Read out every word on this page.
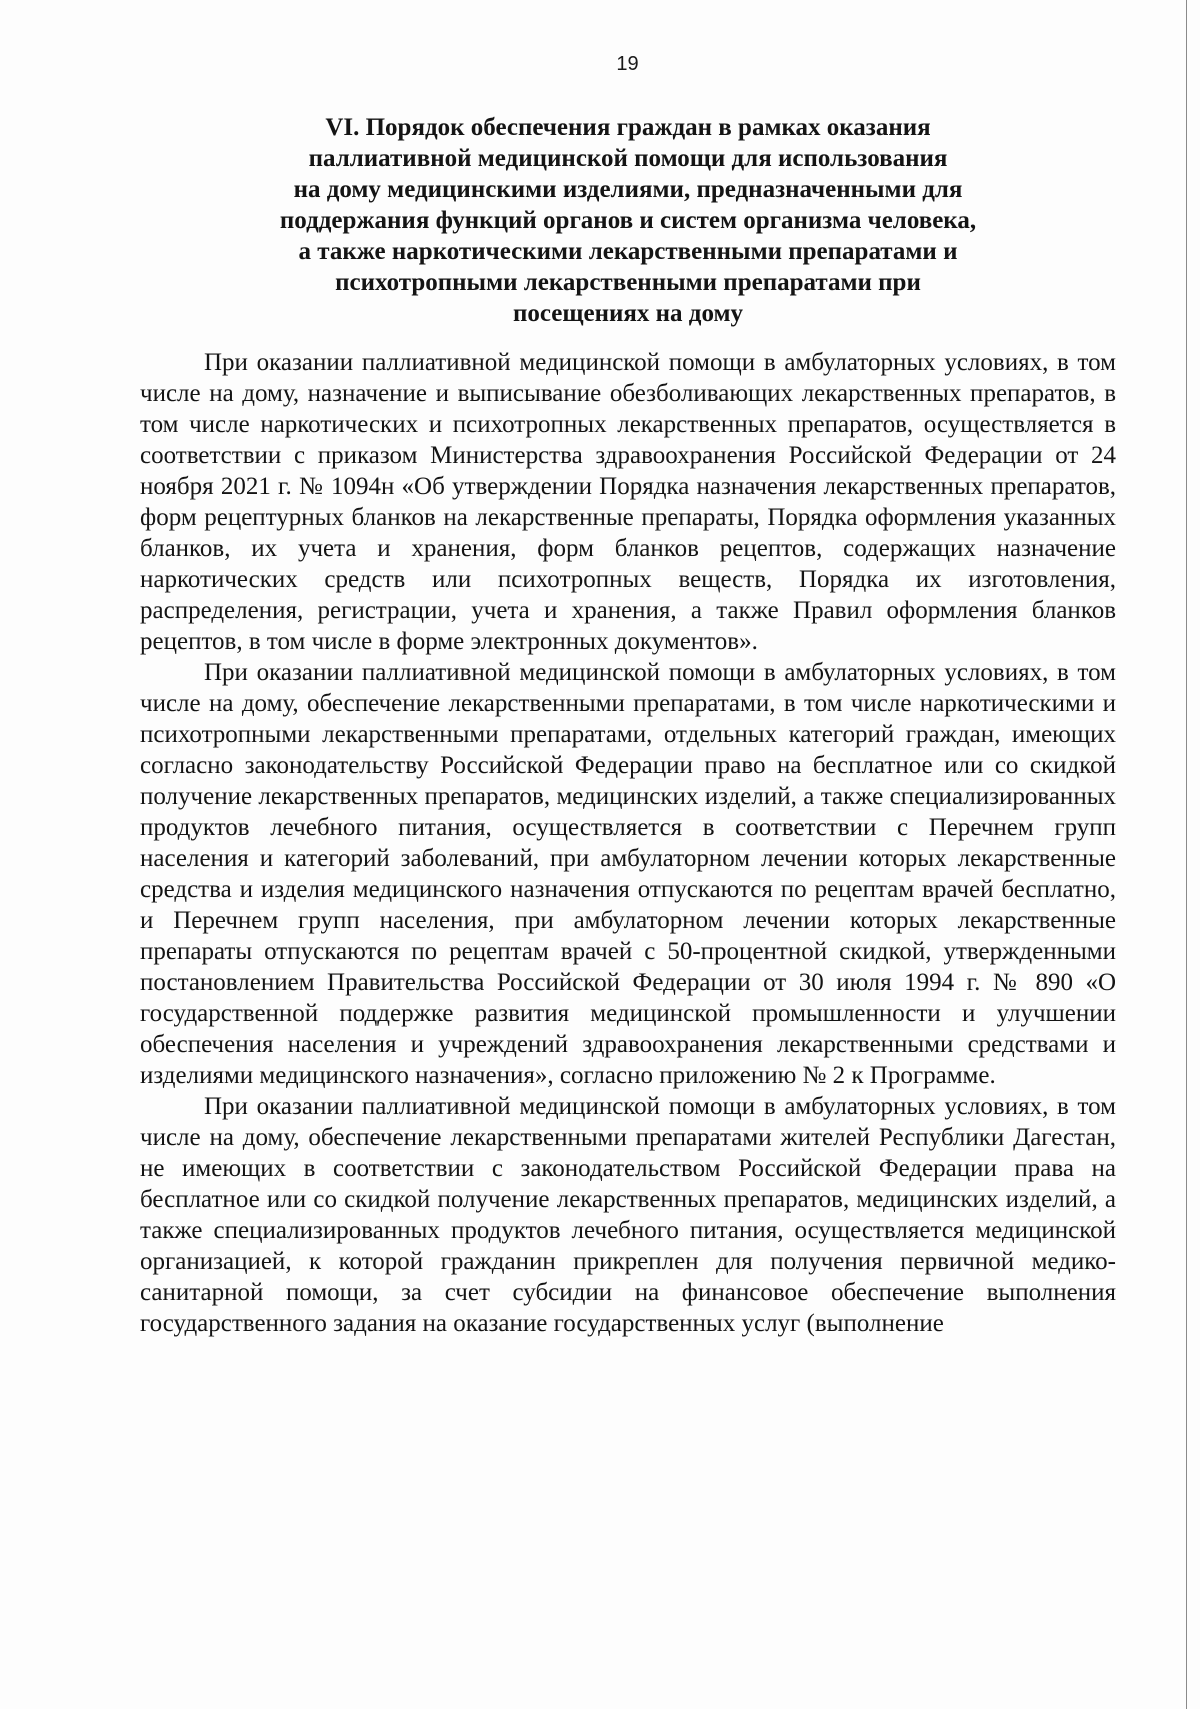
19
VI. Порядок обеспечения граждан в рамках оказания
паллиативной медицинской помощи для использования
на дому медицинскими изделиями, предназначенными для
поддержания функций органов и систем организма человека,
а также наркотическими лекарственными препаратами и
психотропными лекарственными препаратами при
посещениях на дому

При оказании паллиативной медицинской помощи в амбулаторных условиях, в том числе на дому, назначение и выписывание обезболивающих лекарственных препаратов, в том числе наркотических и психотропных лекарственных препаратов, осуществляется в соответствии с приказом Министерства здравоохранения Российской Федерации от 24 ноября 2021 г. № 1094н «Об утверждении Порядка назначения лекарственных препаратов, форм рецептурных бланков на лекарственные препараты, Порядка оформления указанных бланков, их учета и хранения, форм бланков рецептов, содержащих назначение наркотических средств или психотропных веществ, Порядка их изготовления, распределения, регистрации, учета и хранения, а также Правил оформления бланков рецептов, в том числе в форме электронных документов».

При оказании паллиативной медицинской помощи в амбулаторных условиях, в том числе на дому, обеспечение лекарственными препаратами, в том числе наркотическими и психотропными лекарственными препаратами, отдельных категорий граждан, имеющих согласно законодательству Российской Федерации право на бесплатное или со скидкой получение лекарственных препаратов, медицинских изделий, а также специализированных продуктов лечебного питания, осуществляется в соответствии с Перечнем групп населения и категорий заболеваний, при амбулаторном лечении которых лекарственные средства и изделия медицинского назначения отпускаются по рецептам врачей бесплатно, и Перечнем групп населения, при амбулаторном лечении которых лекарственные препараты отпускаются по рецептам врачей с 50-процентной скидкой, утвержденными постановлением Правительства Российской Федерации от 30 июля 1994 г. № 890 «О государственной поддержке развития медицинской промышленности и улучшении обеспечения населения и учреждений здравоохранения лекарственными средствами и изделиями медицинского назначения», согласно приложению № 2 к Программе.

При оказании паллиативной медицинской помощи в амбулаторных условиях, в том числе на дому, обеспечение лекарственными препаратами жителей Республики Дагестан, не имеющих в соответствии с законодательством Российской Федерации права на бесплатное или со скидкой получение лекарственных препаратов, медицинских изделий, а также специализированных продуктов лечебного питания, осуществляется медицинской организацией, к которой гражданин прикреплен для получения первичной медико-санитарной помощи, за счет субсидии на финансовое обеспечение выполнения государственного задания на оказание государственных услуг (выполнение
